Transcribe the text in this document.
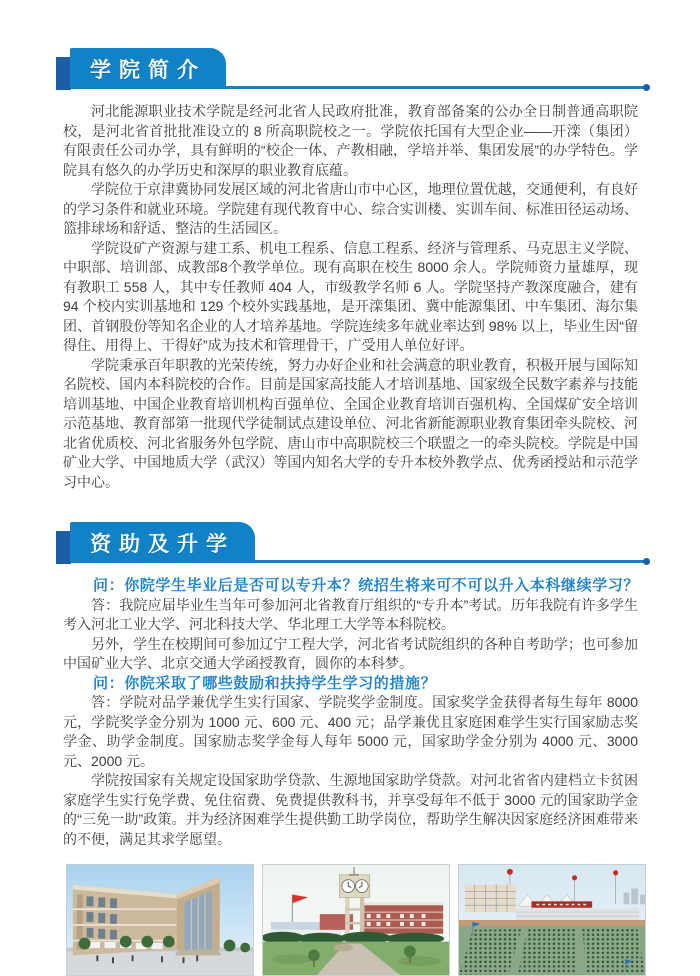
学院简介

河北能源职业技术学院是经河北省人民政府批准，教育部备案的公办全日制普通高职院校，是河北省首批批准设立的 8 所高职院校之一。学院依托国有大型企业——开滦（集团）有限责任公司办学，具有鲜明的“校企一体、产教相融，学培并举、集团发展”的办学特色。学院具有悠久的办学历史和深厚的职业教育底蕴。

学院位于京津冀协同发展区域的河北省唐山市中心区，地理位置优越，交通便利，有良好的学习条件和就业环境。学院建有现代教育中心、综合实训楼、实训车间、标准田径运动场、篮排球场和舒适、整洁的生活园区。

学院设矿产资源与建工系、机电工程系、信息工程系、经济与管理系、马克思主义学院、中职部、培训部、成教部8个教学单位。现有高职在校生 8000 余人。学院师资力量雄厚，现有教职工 558 人，其中专任教师 404 人，市级教学名师 6 人。学院坚持产教深度融合，建有 94 个校内实训基地和 129 个校外实践基地，是开滦集团、冀中能源集团、中车集团、海尔集团、首钢股份等知名企业的人才培养基地。学院连续多年就业率达到 98% 以上，毕业生因“留得住、用得上、干得好”成为技术和管理骨干，广受用人单位好评。

学院秉承百年职教的光荣传统，努力办好企业和社会满意的职业教育，积极开展与国际知名院校、国内本科院校的合作。目前是国家高技能人才培训基地、国家级全民数字素养与技能培训基地、中国企业教育培训机构百强单位、全国企业教育培训百强机构、全国煤矿安全培训示范基地、教育部第一批现代学徒制试点建设单位、河北省新能源职业教育集团牵头院校、河北省优质校、河北省服务外包学院、唐山市中高职院校三个联盟之一的牵头院校。学院是中国矿业大学、中国地质大学（武汉）等国内知名大学的专升本校外教学点、优秀函授站和示范学习中心。

资助及升学

问：你院学生毕业后是否可以专升本？统招生将来可不可以升入本科继续学习？

答：我院应届毕业生当年可参加河北省教育厅组织的“专升本”考试。历年我院有许多学生考入河北工业大学、河北科技大学、华北理工大学等本科院校。

另外，学生在校期间可参加辽宁工程大学，河北省考试院组织的各种自考助学；也可参加中国矿业大学、北京交通大学函授教育，圆你的本科梦。

问：你院采取了哪些鼓励和扶持学生学习的措施？

答：学院对品学兼优学生实行国家、学院奖学金制度。国家奖学金获得者每生每年 8000 元，学院奖学金分别为 1000 元、600 元、400 元；品学兼优且家庭困难学生实行国家励志奖学金、助学金制度。国家励志奖学金每人每年 5000 元，国家助学金分别为 4000 元、3000 元、2000 元。

学院按国家有关规定设国家助学贷款、生源地国家助学贷款。对河北省省内建档立卡贫困家庭学生实行免学费、免住宿费、免费提供教科书，并享受每年不低于 3000 元的国家助学金的“三免一助”政策。并为经济困难学生提供勤工助学岗位，帮助学生解决因家庭经济困难带来的不便，满足其求学愿望。
